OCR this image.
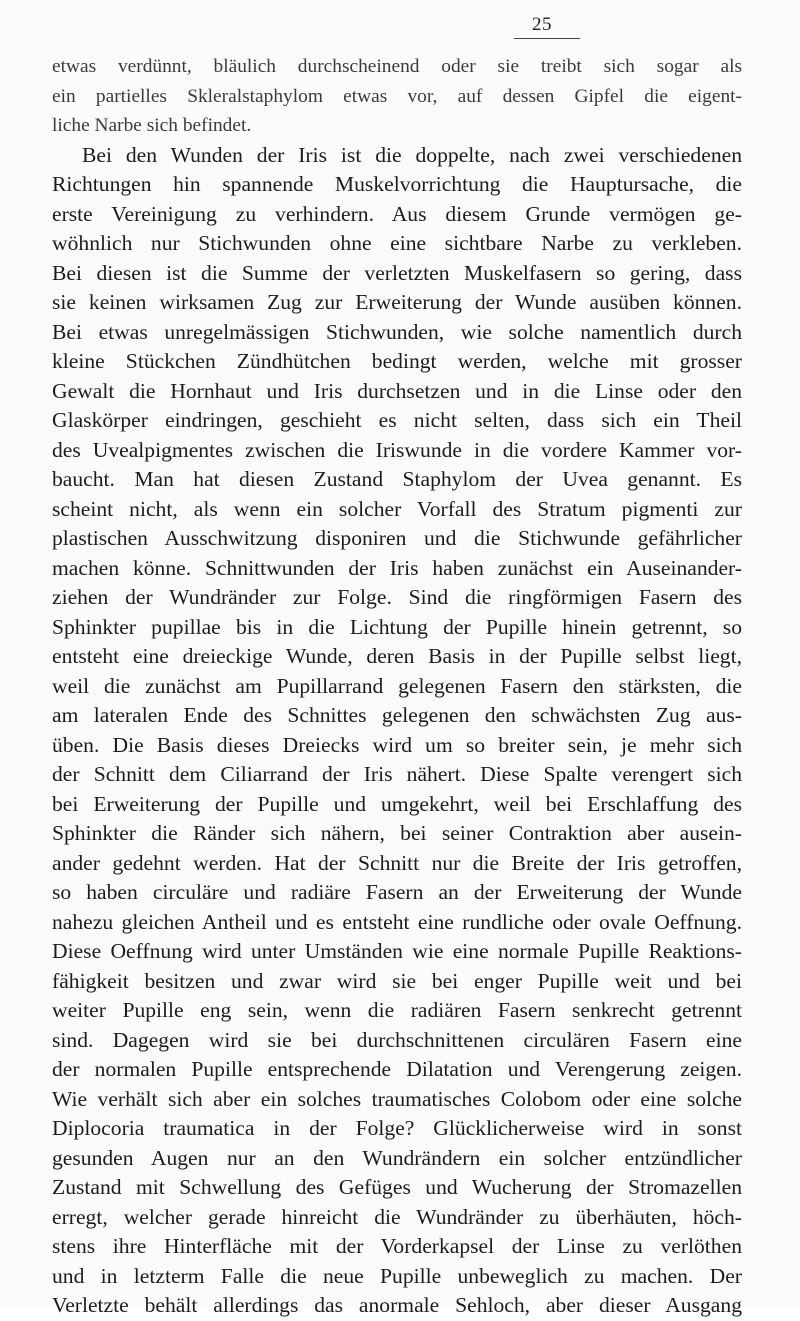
25
etwas verdünnt, bläulich durchscheinend oder sie treibt sich sogar als
ein partielles Skleralstaphylom etwas vor, auf dessen Gipfel die eigent-
liche Narbe sich befindet.
Bei den Wunden der Iris ist die doppelte, nach zwei verschiedenen
Richtungen hin spannende Muskelvorrichtung die Hauptursache, die
erste Vereinigung zu verhindern. Aus diesem Grunde vermögen ge-
wöhnlich nur Stichwunden ohne eine sichtbare Narbe zu verkleben.
Bei diesen ist die Summe der verletzten Muskelfasern so gering, dass
sie keinen wirksamen Zug zur Erweiterung der Wunde ausüben können.
Bei etwas unregelmässigen Stichwunden, wie solche namentlich durch
kleine Stückchen Zündhütchen bedingt werden, welche mit grosser
Gewalt die Hornhaut und Iris durchsetzen und in die Linse oder den
Glaskörper eindringen, geschieht es nicht selten, dass sich ein Theil
des Uvealpigmentes zwischen die Iriswunde in die vordere Kammer vor-
baucht. Man hat diesen Zustand Staphylom der Uvea genannt. Es
scheint nicht, als wenn ein solcher Vorfall des Stratum pigmenti zur
plastischen Ausschwitzung disponiren und die Stichwunde gefährlicher
machen könne. Schnittwunden der Iris haben zunächst ein Auseinander-
ziehen der Wundränder zur Folge. Sind die ringförmigen Fasern des
Sphinkter pupillae bis in die Lichtung der Pupille hinein getrennt, so
entsteht eine dreieckige Wunde, deren Basis in der Pupille selbst liegt,
weil die zunächst am Pupillarrand gelegenen Fasern den stärksten, die
am lateralen Ende des Schnittes gelegenen den schwächsten Zug aus-
üben. Die Basis dieses Dreiecks wird um so breiter sein, je mehr sich
der Schnitt dem Ciliarrand der Iris nähert. Diese Spalte verengert sich
bei Erweiterung der Pupille und umgekehrt, weil bei Erschlaffung des
Sphinkter die Ränder sich nähern, bei seiner Contraktion aber ausein-
ander gedehnt werden. Hat der Schnitt nur die Breite der Iris getroffen,
so haben circuläre und radiäre Fasern an der Erweiterung der Wunde
nahezu gleichen Antheil und es entsteht eine rundliche oder ovale Oeffnung.
Diese Oeffnung wird unter Umständen wie eine normale Pupille Reaktions-
fähigkeit besitzen und zwar wird sie bei enger Pupille weit und bei
weiter Pupille eng sein, wenn die radiären Fasern senkrecht getrennt
sind. Dagegen wird sie bei durchschnittenen circulären Fasern eine
der normalen Pupille entsprechende Dilatation und Verengerung zeigen.
Wie verhält sich aber ein solches traumatisches Colobom oder eine solche
Diplocoria traumatica in der Folge? Glücklicherweise wird in sonst
gesunden Augen nur an den Wundrändern ein solcher entzündlicher
Zustand mit Schwellung des Gefüges und Wucherung der Stromazellen
erregt, welcher gerade hinreicht die Wundränder zu überhäuten, höch-
stens ihre Hinterfläche mit der Vorderkapsel der Linse zu verlöthen
und in letzterm Falle die neue Pupille unbeweglich zu machen. Der
Verletzte behält allerdings das anormale Sehloch, aber dieser Ausgang
